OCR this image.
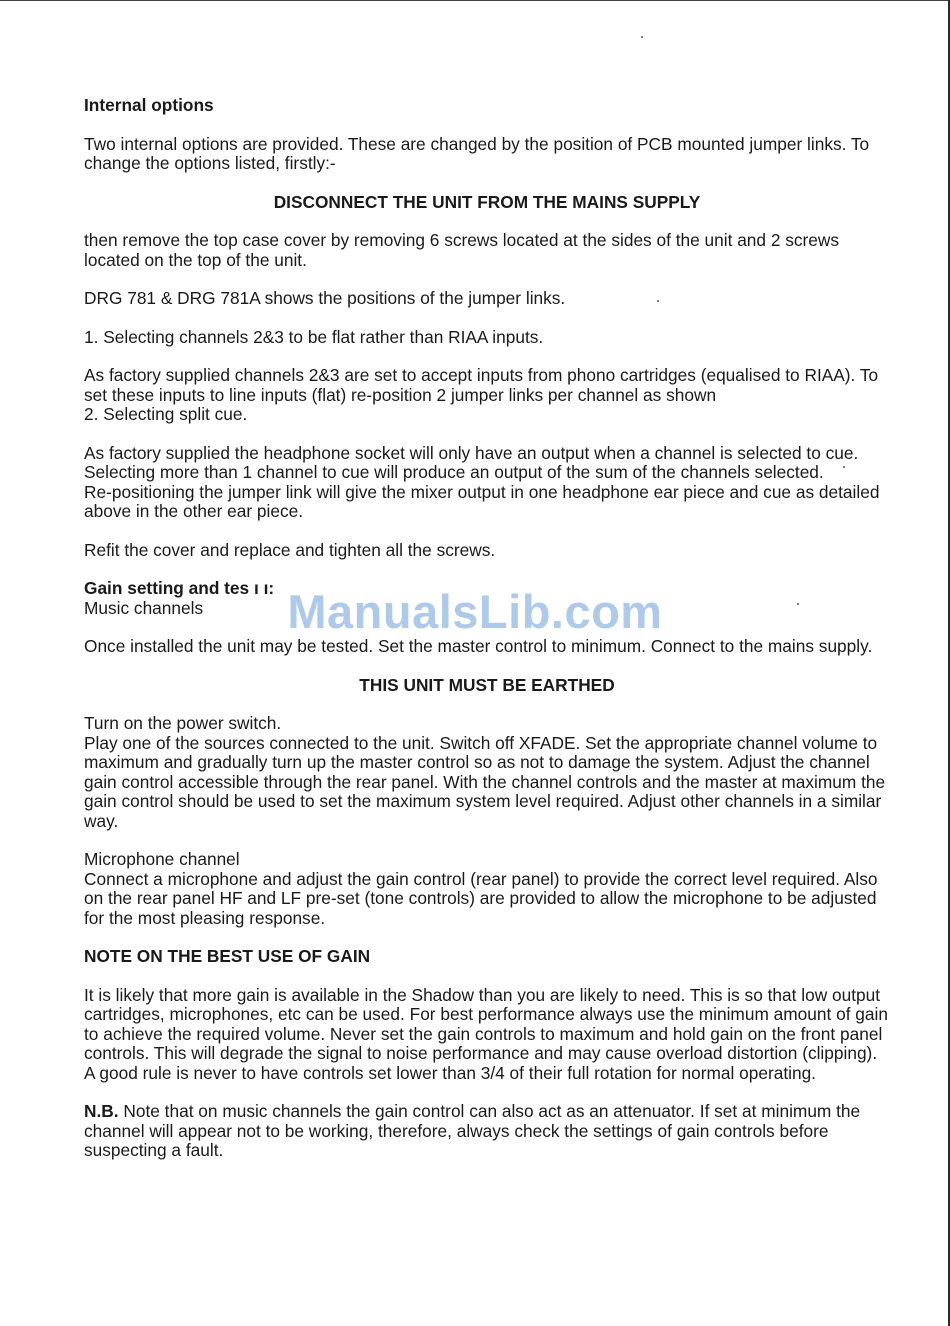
Internal options

Two internal options are provided. These are changed by the position of PCB mounted jumper links. To change the options listed, firstly:-

DISCONNECT THE UNIT FROM THE MAINS SUPPLY

then remove the top case cover by removing 6 screws located at the sides of the unit and 2 screws located on the top of the unit.

DRG 781 & DRG 781A shows the positions of the jumper links.

1. Selecting channels 2&3 to be flat rather than RIAA inputs.

As factory supplied channels 2&3 are set to accept inputs from phono cartridges (equalised to RIAA). To set these inputs to line inputs (flat) re-position 2 jumper links per channel as shown

2. Selecting split cue.

As factory supplied the headphone socket will only have an output when a channel is selected to cue. Selecting more than 1 channel to cue will produce an output of the sum of the channels selected.

Re-positioning the jumper link will give the mixer output in one headphone ear piece and cue as detailed above in the other ear piece.

Refit the cover and replace and tighten all the screws.

Gain setting and tes ı ı:

Music channels

Once installed the unit may be tested. Set the master control to minimum. Connect to the mains supply.

THIS UNIT MUST BE EARTHED

Turn on the power switch.

Play one of the sources connected to the unit. Switch off XFADE. Set the appropriate channel volume to maximum and gradually turn up the master control so as not to damage the system. Adjust the channel gain control accessible through the rear panel. With the channel controls and the master at maximum the gain control should be used to set the maximum system level required. Adjust other channels in a similar way.

Microphone channel

Connect a microphone and adjust the gain control (rear panel) to provide the correct level required. Also on the rear panel HF and LF pre-set (tone controls) are provided to allow the microphone to be adjusted for the most pleasing response.

NOTE ON THE BEST USE OF GAIN

It is likely that more gain is available in the Shadow than you are likely to need. This is so that low output cartridges, microphones, etc can be used. For best performance always use the minimum amount of gain to achieve the required volume. Never set the gain controls to maximum and hold gain on the front panel controls. This will degrade the signal to noise performance and may cause overload distortion (clipping). A good rule is never to have controls set lower than 3/4 of their full rotation for normal operating.

N.B. Note that on music channels the gain control can also act as an attenuator. If set at minimum the channel will appear not to be working, therefore, always check the settings of gain controls before suspecting a fault.

ManualsLib.com
